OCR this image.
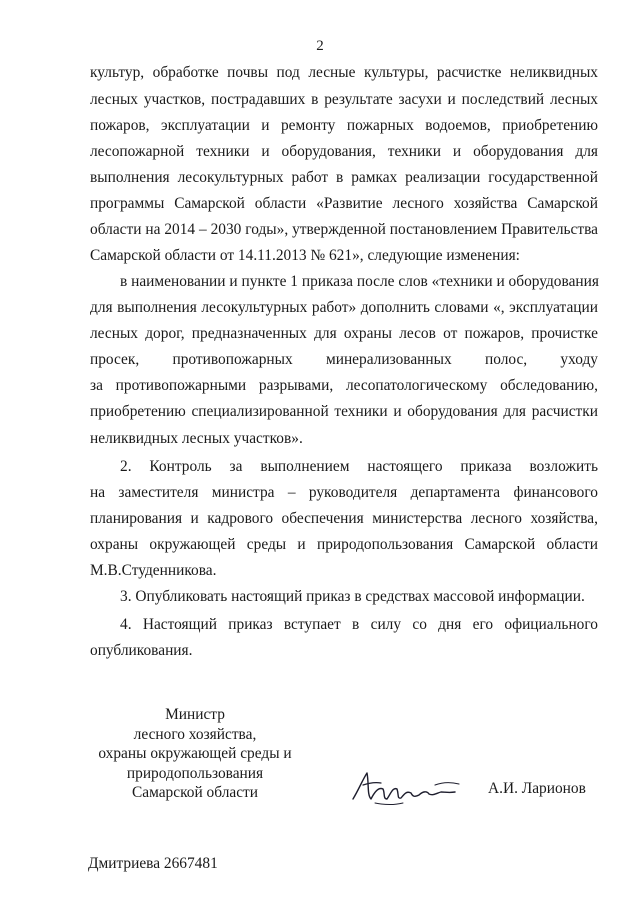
2
культур, обработке почвы под лесные культуры, расчистке неликвидных
лесных участков, пострадавших в результате засухи и последствий лесных
пожаров, эксплуатации и ремонту пожарных водоемов, приобретению
лесопожарной техники и оборудования, техники и оборудования для
выполнения лесокультурных работ в рамках реализации государственной
программы Самарской области «Развитие лесного хозяйства Самарской
области на 2014 – 2030 годы», утвержденной постановлением Правительства
Самарской области от 14.11.2013 № 621», следующие изменения:
в наименовании и пункте 1 приказа после слов «техники и оборудования
для выполнения лесокультурных работ» дополнить словами «, эксплуатации
лесных дорог, предназначенных для охраны лесов от пожаров, прочистке
просек, противопожарных минерализованных полос, уходу
за противопожарными разрывами, лесопатологическому обследованию,
приобретению специализированной техники и оборудования для расчистки
неликвидных лесных участков».
2. Контроль за выполнением настоящего приказа возложить
на заместителя министра – руководителя департамента финансового
планирования и кадрового обеспечения министерства лесного хозяйства,
охраны окружающей среды и природопользования Самарской области
М.В.Студенникова.
3. Опубликовать настоящий приказ в средствах массовой информации.
4. Настоящий приказ вступает в силу со дня его официального
опубликования.
Министр
лесного хозяйства,
охраны окружающей среды и
природопользования
Самарской области	А.И. Ларионов
Дмитриева 2667481
